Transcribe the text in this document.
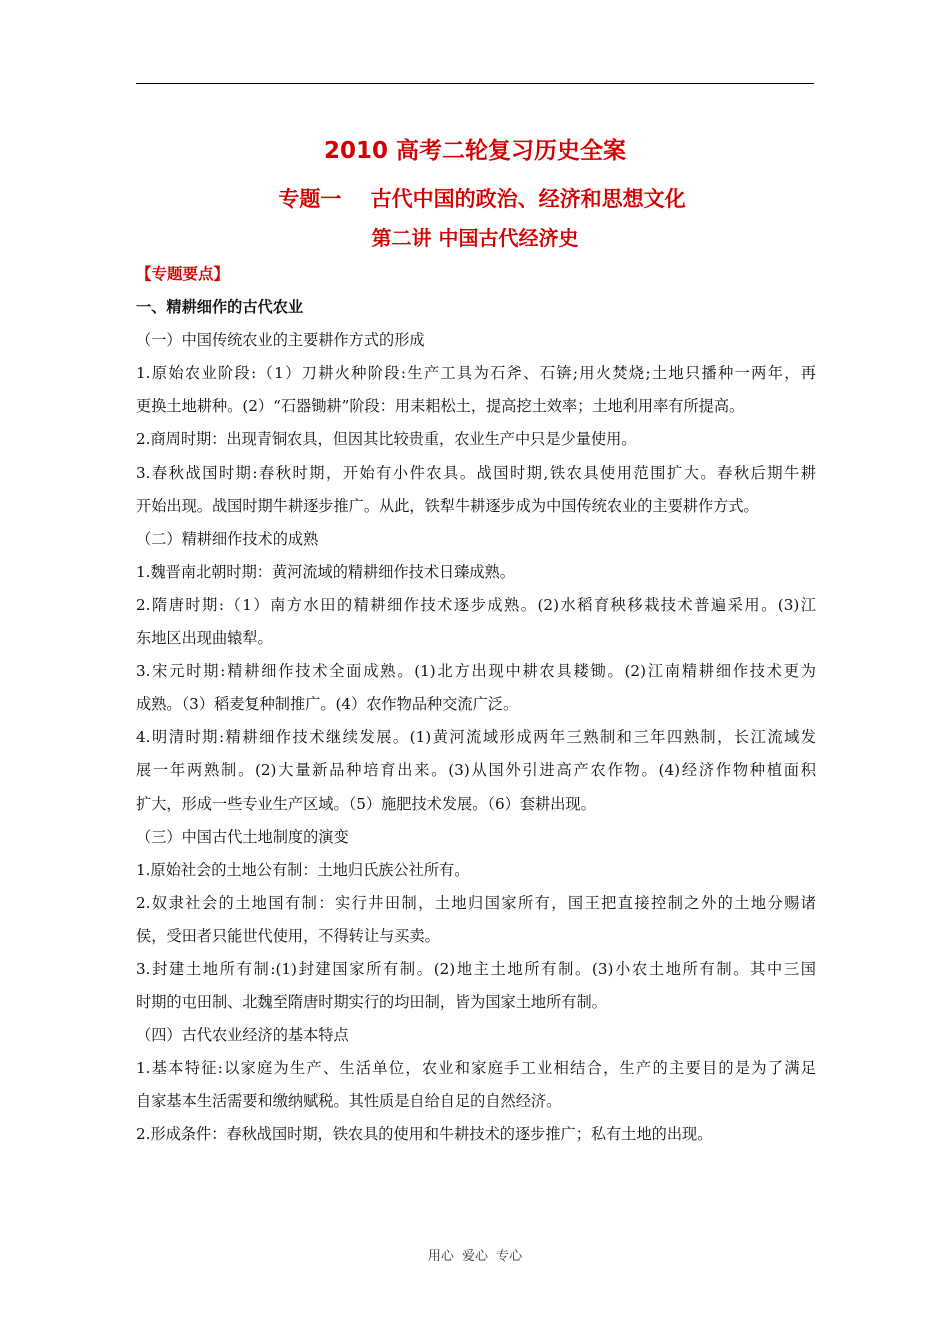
2010 高考二轮复习历史全案
专题一    古代中国的政治、经济和思想文化
第二讲 中国古代经济史
【专题要点】
一、精耕细作的古代农业
（一）中国传统农业的主要耕作方式的形成
1.原始农业阶段:（1）刀耕火种阶段:生产工具为石斧、石锛;用火焚烧;土地只播种一两年，再
更换土地耕种。(2）“石器锄耕”阶段：用耒耜松土，提高挖土效率；土地利用率有所提高。
2.商周时期：出现青铜农具，但因其比较贵重，农业生产中只是少量使用。
3.春秋战国时期:春秋时期，开始有小件农具。战国时期,铁农具使用范围扩大。春秋后期牛耕
开始出现。战国时期牛耕逐步推广。从此，铁犁牛耕逐步成为中国传统农业的主要耕作方式。
（二）精耕细作技术的成熟
1.魏晋南北朝时期：黄河流域的精耕细作技术日臻成熟。
2.隋唐时期:（1）南方水田的精耕细作技术逐步成熟。(2)水稻育秧移栽技术普遍采用。(3)江
东地区出现曲辕犁。
3.宋元时期:精耕细作技术全面成熟。(1)北方出现中耕农具耧锄。(2)江南精耕细作技术更为
成熟。（3）稻麦复种制推广。(4）农作物品种交流广泛。
4.明清时期:精耕细作技术继续发展。(1)黄河流域形成两年三熟制和三年四熟制，长江流域发
展一年两熟制。(2)大量新品种培育出来。(3)从国外引进高产农作物。(4)经济作物种植面积
扩大，形成一些专业生产区域。（5）施肥技术发展。（6）套耕出现。
（三）中国古代土地制度的演变
1.原始社会的土地公有制：土地归氏族公社所有。
2.奴隶社会的土地国有制：实行井田制，土地归国家所有，国王把直接控制之外的土地分赐诸
侯，受田者只能世代使用，不得转让与买卖。
3.封建土地所有制:(1)封建国家所有制。(2)地主土地所有制。(3)小农土地所有制。其中三国
时期的屯田制、北魏至隋唐时期实行的均田制，皆为国家土地所有制。
（四）古代农业经济的基本特点
1.基本特征:以家庭为生产、生活单位，农业和家庭手工业相结合，生产的主要目的是为了满足
自家基本生活需要和缴纳赋税。其性质是自给自足的自然经济。
2.形成条件：春秋战国时期，铁农具的使用和牛耕技术的逐步推广；私有土地的出现。
用心 爱心 专心
